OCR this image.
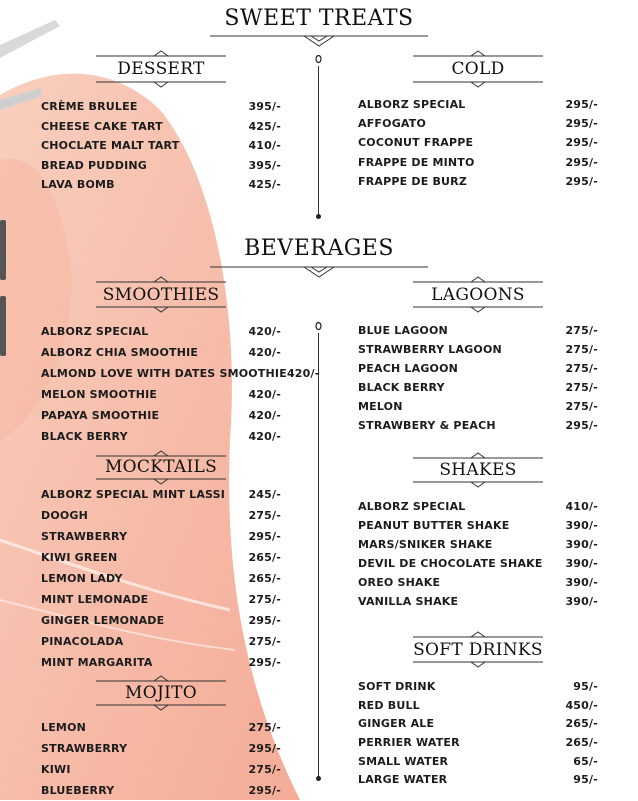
SWEET TREATS
BEVERAGES
DESSERT
CRÈME BRULEE	395/-
CHEESE CAKE TART	425/-
CHOCLATE MALT TART	410/-
BREAD PUDDING	395/-
LAVA BOMB	425/-
COLD
ALBORZ SPECIAL	295/-
AFFOGATO	295/-
COCONUT FRAPPE	295/-
FRAPPE DE MINTO	295/-
FRAPPE DE BURZ	295/-
SMOOTHIES
ALBORZ SPECIAL	420/-
ALBORZ CHIA SMOOTHIE	420/-
ALMOND LOVE WITH DATES SMOOTHIE 420/-
MELON SMOOTHIE	420/-
PAPAYA SMOOTHIE	420/-
BLACK BERRY	420/-
MOCKTAILS
ALBORZ SPECIAL MINT LASSI 245/-
DOOGH	275/-
STRAWBERRY	295/-
KIWI GREEN	265/-
LEMON LADY	265/-
MINT LEMONADE	275/-
GINGER LEMONADE	295/-
PINACOLADA	275/-
MINT MARGARITA	295/-
MOJITO
LEMON	275/-
STRAWBERRY	295/-
KIWI	275/-
BLUEBERRY	295/-
LAGOONS
BLUE LAGOON	275/-
STRAWBERRY LAGOON	275/-
PEACH LAGOON	275/-
BLACK BERRY	275/-
MELON	275/-
STRAWBERY & PEACH	295/-
SHAKES
ALBORZ SPECIAL	410/-
PEANUT BUTTER SHAKE	390/-
MARS/SNIKER SHAKE	390/-
DEVIL DE CHOCOLATE SHAKE 390/-
OREO SHAKE	390/-
VANILLA SHAKE	390/-
SOFT DRINKS
SOFT DRINK	95/-
RED BULL	450/-
GINGER ALE	265/-
PERRIER WATER	265/-
SMALL WATER	65/-
LARGE WATER	95/-
